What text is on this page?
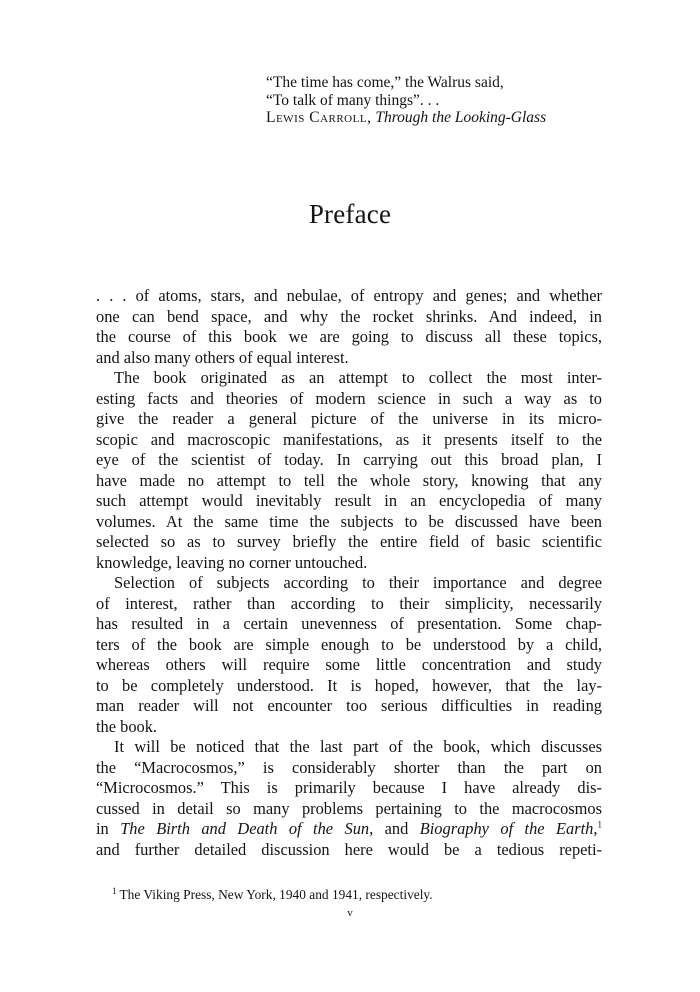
“The time has come,” the Walrus said,
“To talk of many things”. . .
Lewis Carroll, Through the Looking-Glass
Preface
. . . of atoms, stars, and nebulae, of entropy and genes; and whether
one can bend space, and why the rocket shrinks. And indeed, in
the course of this book we are going to discuss all these topics,
and also many others of equal interest.
The book originated as an attempt to collect the most inter-
esting facts and theories of modern science in such a way as to
give the reader a general picture of the universe in its micro-
scopic and macroscopic manifestations, as it presents itself to the
eye of the scientist of today. In carrying out this broad plan, I
have made no attempt to tell the whole story, knowing that any
such attempt would inevitably result in an encyclopedia of many
volumes. At the same time the subjects to be discussed have been
selected so as to survey briefly the entire field of basic scientific
knowledge, leaving no corner untouched.
Selection of subjects according to their importance and degree
of interest, rather than according to their simplicity, necessarily
has resulted in a certain unevenness of presentation. Some chap-
ters of the book are simple enough to be understood by a child,
whereas others will require some little concentration and study
to be completely understood. It is hoped, however, that the lay-
man reader will not encounter too serious difficulties in reading
the book.
It will be noticed that the last part of the book, which discusses
the “Macrocosmos,” is considerably shorter than the part on
“Microcosmos.” This is primarily because I have already dis-
cussed in detail so many problems pertaining to the macrocosmos
in The Birth and Death of the Sun, and Biography of the Earth,$^1$
and further detailed discussion here would be a tedious repeti-
$^1$ The Viking Press, New York, 1940 and 1941, respectively.
v
